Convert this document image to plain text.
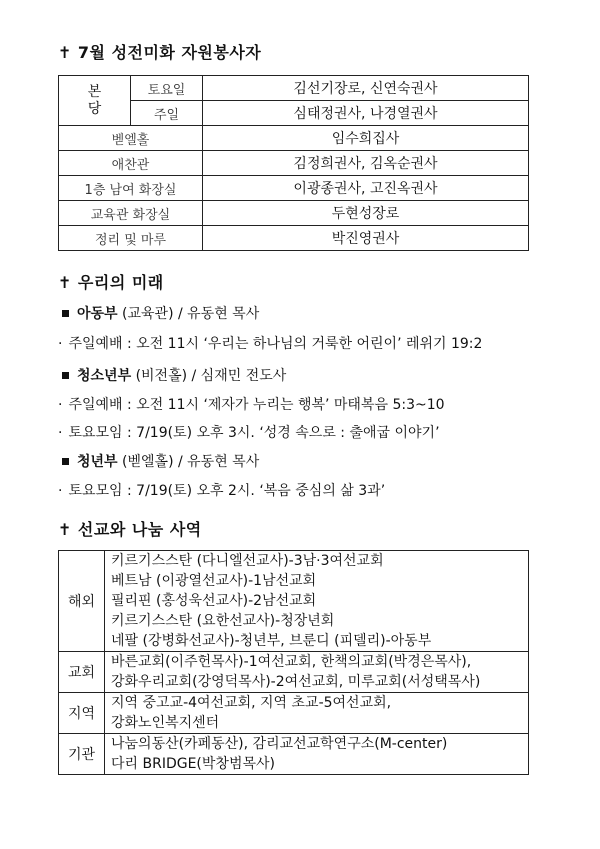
✝ 7월 성전미화 자원봉사자
본
당	토요일	김선기장로, 신연숙권사
	주일	심태정권사, 나경열권사
벧엘홀		임수희집사
애찬관		김정희권사, 김옥순권사
1층 남여 화장실		이광종권사, 고진옥권사
교육관 화장실		두현성장로
정리 및 마루		박진영권사
✝ 우리의 미래
아동부 (교육관) / 유동현 목사
· 주일예배 : 오전 11시 ‘우리는 하나님의 거룩한 어린이’ 레위기 19:2
청소년부 (비전홀) / 심재민 전도사
· 주일예배 : 오전 11시 ‘제자가 누리는 행복’ 마태복음 5:3~10
· 토요모임 : 7/19(토) 오후 3시. ‘성경 속으로 : 출애굽 이야기’
청년부 (벧엘홀) / 유동현 목사
· 토요모임 : 7/19(토) 오후 2시. ‘복음 중심의 삶 3과’
✝ 선교와 나눔 사역
해외	키르기스스탄 (다니엘선교사)-3남·3여선교회
베트남 (이광열선교사)-1남선교회
필리핀 (홍성욱선교사)-2남선교회
키르기스스탄 (요한선교사)-청장년회
네팔 (강병화선교사)-청년부, 브룬디 (피델리)-아동부

교회	바른교회(이주헌목사)-1여선교회, 한책의교회(박경은목사),
강화우리교회(강영덕목사)-2여선교회, 미루교회(서성택목사)

지역	지역 중고교-4여선교회, 지역 초교-5여선교회,
강화노인복지센터

기관	나눔의동산(카페동산), 감리교선교학연구소(M-center)
다리 BRIDGE(박창범목사)
